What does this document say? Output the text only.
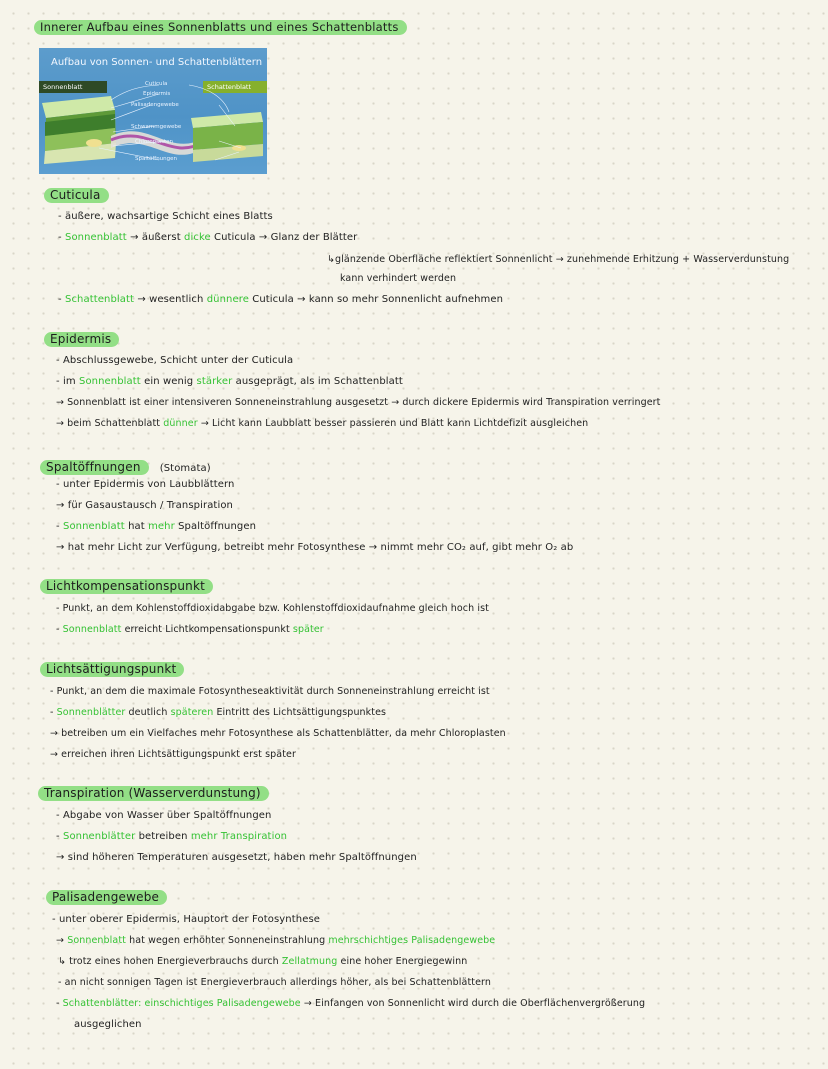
Innerer Aufbau eines Sonnenblatts und eines Schattenblatts
Aufbau von Sonnen- und Schattenblättern
Sonnenblatt	Schattenblatt
Cuticula
Epidermis
Palisadengewebe
Schwammgewebe
Chloroplasten
Spaltöffnungen
Cuticula
- äußere, wachsartige Schicht eines Blatts
- Sonnenblatt → äußerst dicke Cuticula → Glanz der Blätter
↳glänzende Oberfläche reflektiert Sonnenlicht → zunehmende Erhitzung + Wasserverdunstung
kann verhindert werden
- Schattenblatt → wesentlich dünnere Cuticula → kann so mehr Sonnenlicht aufnehmen
Epidermis
- Abschlussgewebe, Schicht unter der Cuticula
- im Sonnenblatt ein wenig stärker ausgeprägt, als im Schattenblatt
→ Sonnenblatt ist einer intensiveren Sonneneinstrahlung ausgesetzt → durch dickere Epidermis wird Transpiration verringert
→ beim Schattenblatt dünner → Licht kann Laubblatt besser passieren und Blatt kann Lichtdefizit ausgleichen
Spaltöffnungen (Stomata)
- unter Epidermis von Laubblättern
→ für Gasaustausch / Transpiration
- Sonnenblatt hat mehr Spaltöffnungen
→ hat mehr Licht zur Verfügung, betreibt mehr Fotosynthese → nimmt mehr CO₂ auf, gibt mehr O₂ ab
Lichtkompensationspunkt
- Punkt, an dem Kohlenstoffdioxidabgabe bzw. Kohlenstoffdioxidaufnahme gleich hoch ist
- Sonnenblatt erreicht Lichtkompensationspunkt später
Lichtsättigungspunkt
- Punkt, an dem die maximale Fotosyntheseaktivität durch Sonneneinstrahlung erreicht ist
- Sonnenblätter deutlich späteren Eintritt des Lichtsättigungspunktes
→ betreiben um ein Vielfaches mehr Fotosynthese als Schattenblätter, da mehr Chloroplasten
→ erreichen ihren Lichtsättigungspunkt erst später
Transpiration (Wasserverdunstung)
- Abgabe von Wasser über Spaltöffnungen
- Sonnenblätter betreiben mehr Transpiration
→ sind höheren Temperaturen ausgesetzt, haben mehr Spaltöffnungen
Palisadengewebe
- unter oberer Epidermis, Hauptort der Fotosynthese
→ Sonnenblatt hat wegen erhöhter Sonneneinstrahlung mehrschichtiges Palisadengewebe
↳ trotz eines hohen Energieverbrauchs durch Zellatmung eine hoher Energiegewinn
- an nicht sonnigen Tagen ist Energieverbrauch allerdings höher, als bei Schattenblättern
- Schattenblätter: einschichtiges Palisadengewebe → Einfangen von Sonnenlicht wird durch die Oberflächenvergrößerung
ausgeglichen
